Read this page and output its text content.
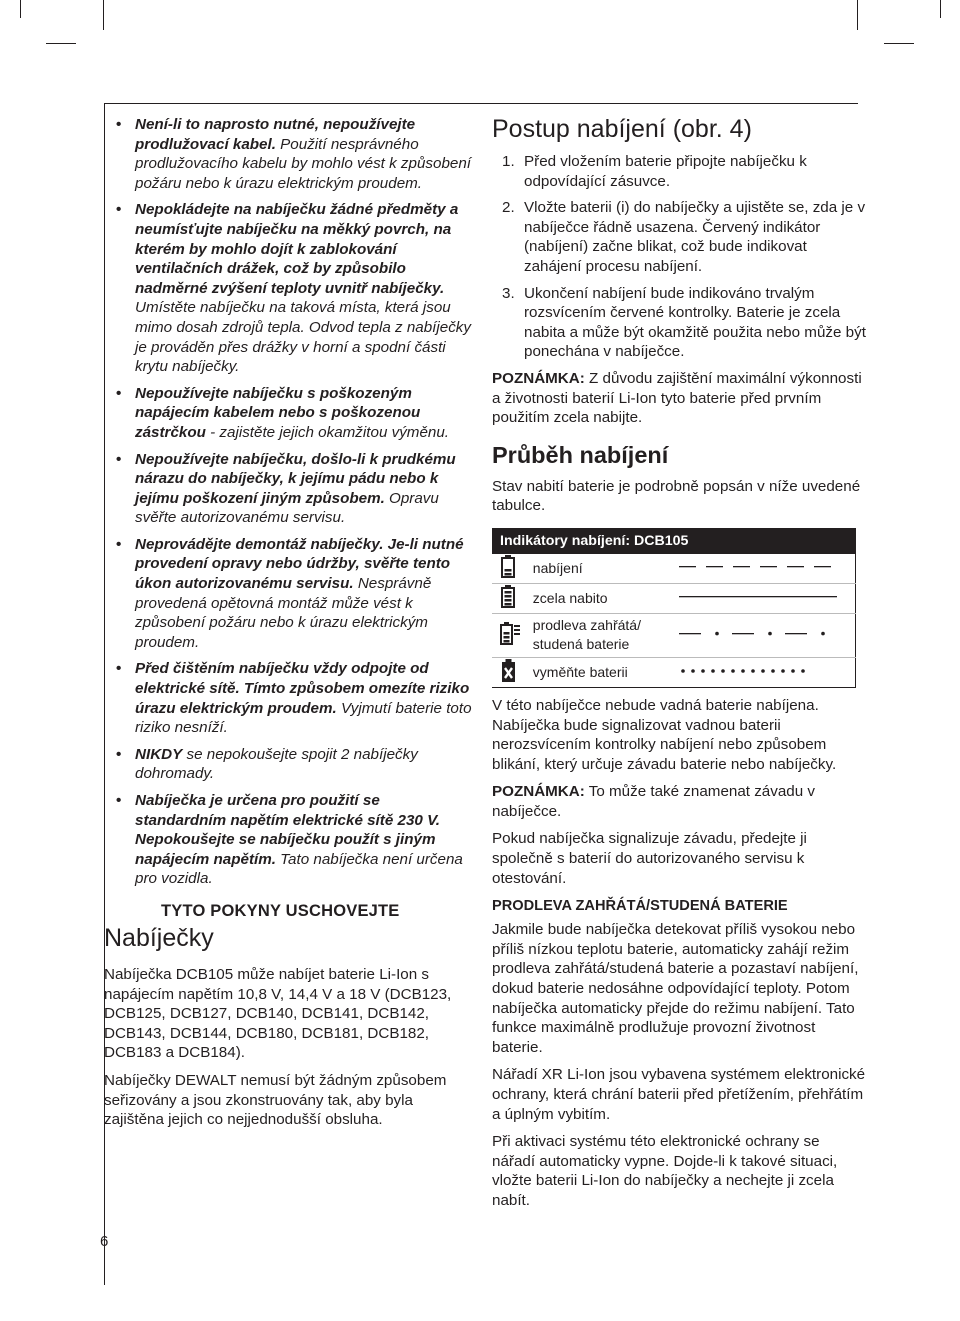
6
• Není-li to naprosto nutné, nepoužívejte prodlužovací kabel. Použití nesprávného prodlužovacího kabelu by mohlo vést k způsobení požáru nebo k úrazu elektrickým proudem.
• Nepokládejte na nabíječku žádné předměty a neumísťujte nabíječku na měkký povrch, na kterém by mohlo dojít k zablokování ventilačních drážek, což by způsobilo nadměrné zvýšení teploty uvnitř nabíječky. Umístěte nabíječku na taková místa, která jsou mimo dosah zdrojů tepla. Odvod tepla z nabíječky je prováděn přes drážky v horní a spodní části krytu nabíječky.
• Nepoužívejte nabíječku s poškozeným napájecím kabelem nebo s poškozenou zástrčkou - zajistěte jejich okamžitou výměnu.
• Nepoužívejte nabíječku, došlo-li k prudkému nárazu do nabíječky, k jejímu pádu nebo k jejímu poškození jiným způsobem. Opravu svěřte autorizovanému servisu.
• Neprovádějte demontáž nabíječky. Je-li nutné provedení opravy nebo údržby, svěřte tento úkon autorizovanému servisu. Nesprávně provedená opětovná montáž může vést k způsobení požáru nebo k úrazu elektrickým proudem.
• Před čištěním nabíječku vždy odpojte od elektrické sítě. Tímto způsobem omezíte riziko úrazu elektrickým proudem. Vyjmutí baterie toto riziko nesníží.
• NIKDY se nepokoušejte spojit 2 nabíječky dohromady.
• Nabíječka je určena pro použití se standardním napětím elektrické sítě 230 V. Nepokoušejte se nabíječku použít s jiným napájecím napětím. Tato nabíječka není určena pro vozidla.
TYTO POKYNY USCHOVEJTE
Nabíječky

Nabíječka DCB105 může nabíjet baterie Li-Ion s napájecím napětím 10,8 V, 14,4 V a 18 V (DCB123, DCB125, DCB127, DCB140, DCB141, DCB142, DCB143, DCB144, DCB180, DCB181, DCB182, DCB183 a DCB184).

Nabíječky DEWALT nemusí být žádným způsobem seřizovány a jsou zkonstruovány tak, aby byla zajištěna jejich co nejjednodušší obsluha.

Postup nabíjení (obr. 4)
1. Před vložením baterie připojte nabíječku k odpovídající zásuvce.
2. Vložte baterii (i) do nabíječky a ujistěte se, zda je v nabíječce řádně usazena. Červený indikátor (nabíjení) začne blikat, což bude indikovat zahájení procesu nabíjení.
3. Ukončení nabíjení bude indikováno trvalým rozsvícením červené kontrolky. Baterie je zcela nabita a může být okamžitě použita nebo může být ponechána v nabíječce.

POZNÁMKA: Z důvodu zajištění maximální výkonnosti a životnosti baterií Li-Ion tyto baterie před prvním použitím zcela nabijte.

Průběh nabíjení

Stav nabití baterie je podrobně popsán v níže uvedené tabulce.

Indikátory nabíjení: DCB105		
	nabíjení	
	zcela nabito	
	prodleva zahřátá/ studená baterie	
	vyměňte baterii	

V této nabíječce nebude vadná baterie nabíjena. Nabíječka bude signalizovat vadnou baterii nerozsvícením kontrolky nabíjení nebo způsobem blikání, který určuje závadu baterie nebo nabíječky.

POZNÁMKA: To může také znamenat závadu v nabíječce.

Pokud nabíječka signalizuje závadu, předejte ji společně s baterií do autorizovaného servisu k otestování.

PRODLEVA ZAHŘÁTÁ/STUDENÁ BATERIE

Jakmile bude nabíječka detekovat příliš vysokou nebo příliš nízkou teplotu baterie, automaticky zahájí režim prodleva zahřátá/studená baterie a pozastaví nabíjení, dokud baterie nedosáhne odpovídající teploty. Potom nabíječka automaticky přejde do režimu nabíjení. Tato funkce maximálně prodlužuje provozní životnost baterie.

Nářadí XR Li-Ion jsou vybavena systémem elektronické ochrany, která chrání baterii před přetížením, přehřátím a úplným vybitím.

Při aktivaci systému této elektronické ochrany se nářadí automaticky vypne. Dojde-li k takové situaci, vložte baterii Li-Ion do nabíječky a nechejte ji zcela nabít.
